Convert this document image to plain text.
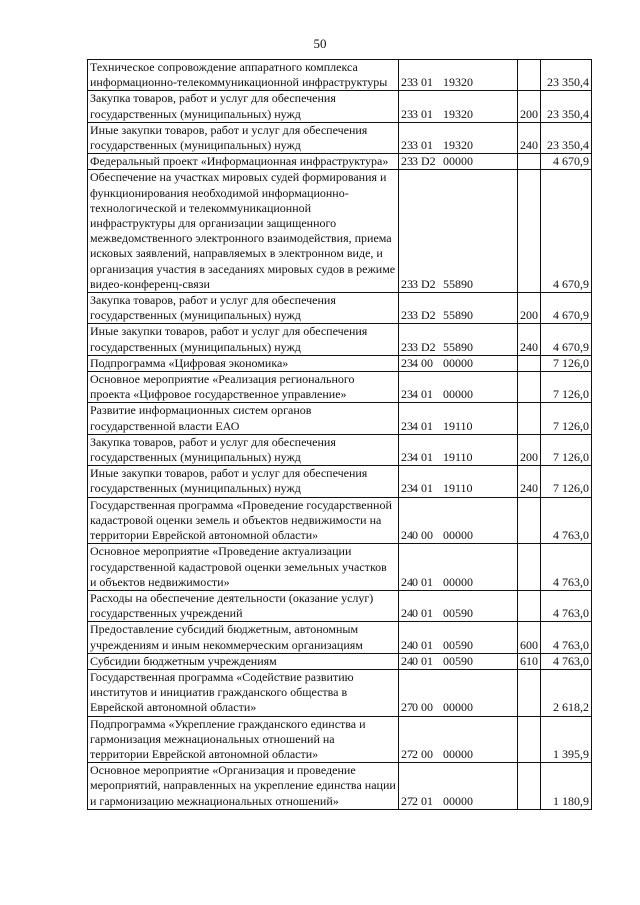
50
Техническое сопровождение аппаратного комплекса информационно-телекоммуникационной инфраструктуры	233 01 19320		23 350,4
Закупка товаров, работ и услуг для обеспечения государственных (муниципальных) нужд	233 01 19320	200	23 350,4
Иные закупки товаров, работ и услуг для обеспечения государственных (муниципальных) нужд	233 01 19320	240	23 350,4
Федеральный проект «Информационная инфраструктура»	233 D2 00000		4 670,9
Обеспечение на участках мировых судей формирования и функционирования необходимой информационно-технологической и телекоммуникационной инфраструктуры для организации защищенного межведомственного электронного взаимодействия, приема исковых заявлений, направляемых в электронном виде, и организация участия в заседаниях мировых судов в режиме видео-конференц-связи	233 D2 55890		4 670,9
Закупка товаров, работ и услуг для обеспечения государственных (муниципальных) нужд	233 D2 55890	200	4 670,9
Иные закупки товаров, работ и услуг для обеспечения государственных (муниципальных) нужд	233 D2 55890	240	4 670,9
Подпрограмма «Цифровая экономика»	234 00 00000		7 126,0
Основное мероприятие «Реализация регионального проекта «Цифровое государственное управление»	234 01 00000		7 126,0
Развитие информационных систем органов государственной власти ЕАО	234 01 19110		7 126,0
Закупка товаров, работ и услуг для обеспечения государственных (муниципальных) нужд	234 01 19110	200	7 126,0
Иные закупки товаров, работ и услуг для обеспечения государственных (муниципальных) нужд	234 01 19110	240	7 126,0
Государственная программа «Проведение государственной кадастровой оценки земель и объектов недвижимости на территории Еврейской автономной области»	240 00 00000		4 763,0
Основное мероприятие «Проведение актуализации государственной кадастровой оценки земельных участков и объектов недвижимости»	240 01 00000		4 763,0
Расходы на обеспечение деятельности (оказание услуг) государственных учреждений	240 01 00590		4 763,0
Предоставление субсидий бюджетным, автономным учреждениям и иным некоммерческим организациям	240 01 00590	600	4 763,0
Субсидии бюджетным учреждениям	240 01 00590	610	4 763,0
Государственная программа «Содействие развитию институтов и инициатив гражданского общества в Еврейской автономной области»	270 00 00000		2 618,2
Подпрограмма «Укрепление гражданского единства и гармонизация межнациональных отношений на территории Еврейской автономной области»	272 00 00000		1 395,9
Основное мероприятие «Организация и проведение мероприятий, направленных на укрепление единства нации и гармонизацию межнациональных отношений»	272 01 00000		1 180,9
